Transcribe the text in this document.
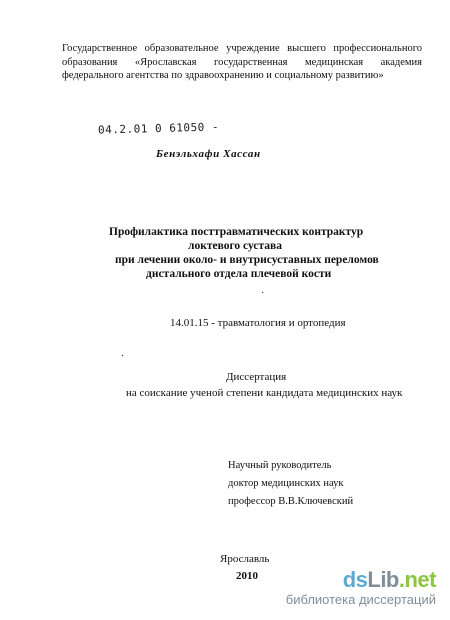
Государственное образовательное учреждение высшего профессионального
образования «Ярославская государственная медицинская академия
федерального агентства по здравоохранению и социальному развитию»
04.2.01 0 61050 -
Бенэльхафи Хассан
Профилактика посттравматических контрактур
локтевого сустава
при лечении около- и внутрисуставных переломов
дистального отдела плечевой кости
·
·
14.01.15 - травматология и ортопедия
Диссертация
на соискание ученой степени кандидата медицинских наук
Научный руководитель
доктор медицинских наук
профессор В.В.Ключевский
Ярославль
2010	dsLib.net
библиотека диссертаций
